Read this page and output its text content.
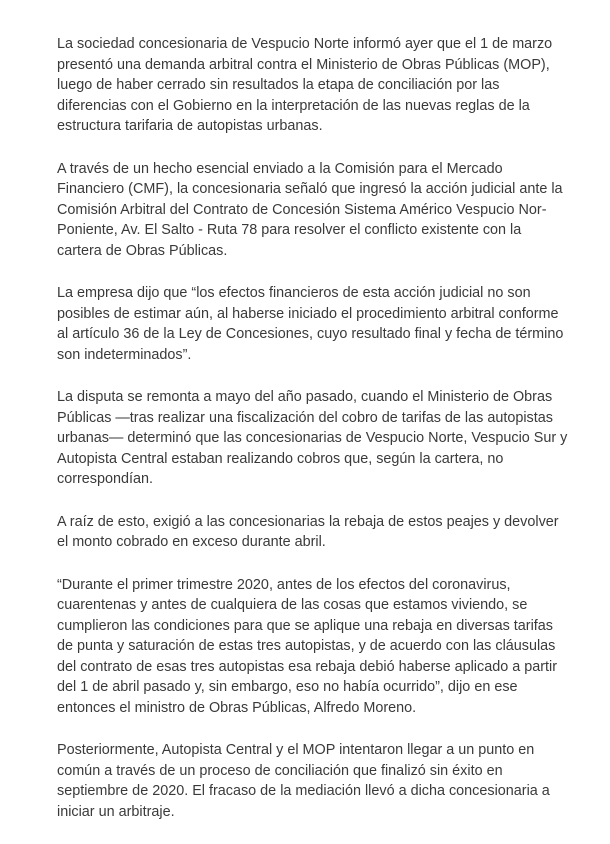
La sociedad concesionaria de Vespucio Norte informó ayer que el 1 de marzo
presentó una demanda arbitral contra el Ministerio de Obras Públicas (MOP),
luego de haber cerrado sin resultados la etapa de conciliación por las
diferencias con el Gobierno en la interpretación de las nuevas reglas de la
estructura tarifaria de autopistas urbanas.

A través de un hecho esencial enviado a la Comisión para el Mercado
Financiero (CMF), la concesionaria señaló que ingresó la acción judicial ante la
Comisión Arbitral del Contrato de Concesión Sistema Américo Vespucio Nor-
Poniente, Av. El Salto - Ruta 78 para resolver el conflicto existente con la
cartera de Obras Públicas.

La empresa dijo que “los efectos financieros de esta acción judicial no son
posibles de estimar aún, al haberse iniciado el procedimiento arbitral conforme
al artículo 36 de la Ley de Concesiones, cuyo resultado final y fecha de término
son indeterminados”.

La disputa se remonta a mayo del año pasado, cuando el Ministerio de Obras
Públicas —tras realizar una fiscalización del cobro de tarifas de las autopistas
urbanas— determinó que las concesionarias de Vespucio Norte, Vespucio Sur y
Autopista Central estaban realizando cobros que, según la cartera, no
correspondían.

A raíz de esto, exigió a las concesionarias la rebaja de estos peajes y devolver
el monto cobrado en exceso durante abril.

“Durante el primer trimestre 2020, antes de los efectos del coronavirus,
cuarentenas y antes de cualquiera de las cosas que estamos viviendo, se
cumplieron las condiciones para que se aplique una rebaja en diversas tarifas
de punta y saturación de estas tres autopistas, y de acuerdo con las cláusulas
del contrato de esas tres autopistas esa rebaja debió haberse aplicado a partir
del 1 de abril pasado y, sin embargo, eso no había ocurrido”, dijo en ese
entonces el ministro de Obras Públicas, Alfredo Moreno.

Posteriormente, Autopista Central y el MOP intentaron llegar a un punto en
común a través de un proceso de conciliación que finalizó sin éxito en
septiembre de 2020. El fracaso de la mediación llevó a dicha concesionaria a
iniciar un arbitraje.
